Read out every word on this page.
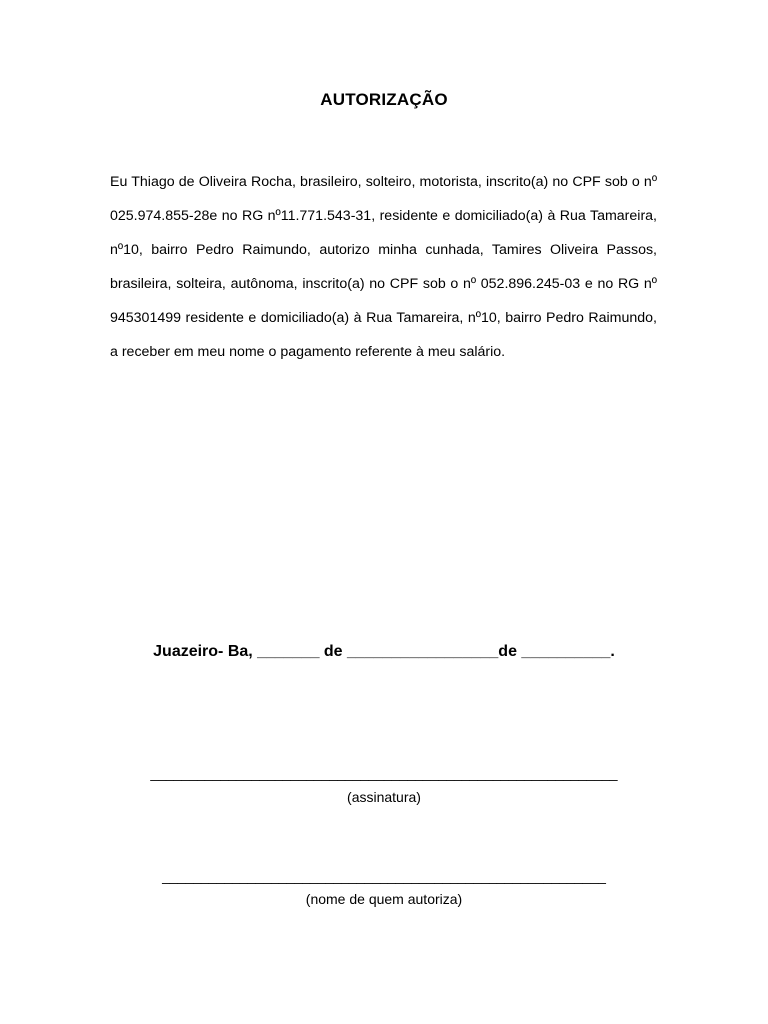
AUTORIZAÇÃO
Eu Thiago de Oliveira Rocha, brasileiro, solteiro, motorista, inscrito(a) no CPF sob o nº 025.974.855-28e no RG nº11.771.543-31, residente e domiciliado(a) à Rua Tamareira, nº10, bairro Pedro Raimundo, autorizo minha cunhada, Tamires Oliveira Passos, brasileira, solteira, autônoma, inscrito(a) no CPF sob o nº 052.896.245-03 e no RG nº 945301499 residente e domiciliado(a) à Rua Tamareira, nº10, bairro Pedro Raimundo, a receber em meu nome o pagamento referente à meu salário.
Juazeiro- Ba, _______ de _________________de __________.
____________________________________________________________
(assinatura)
_________________________________________________________
(nome de quem autoriza)
